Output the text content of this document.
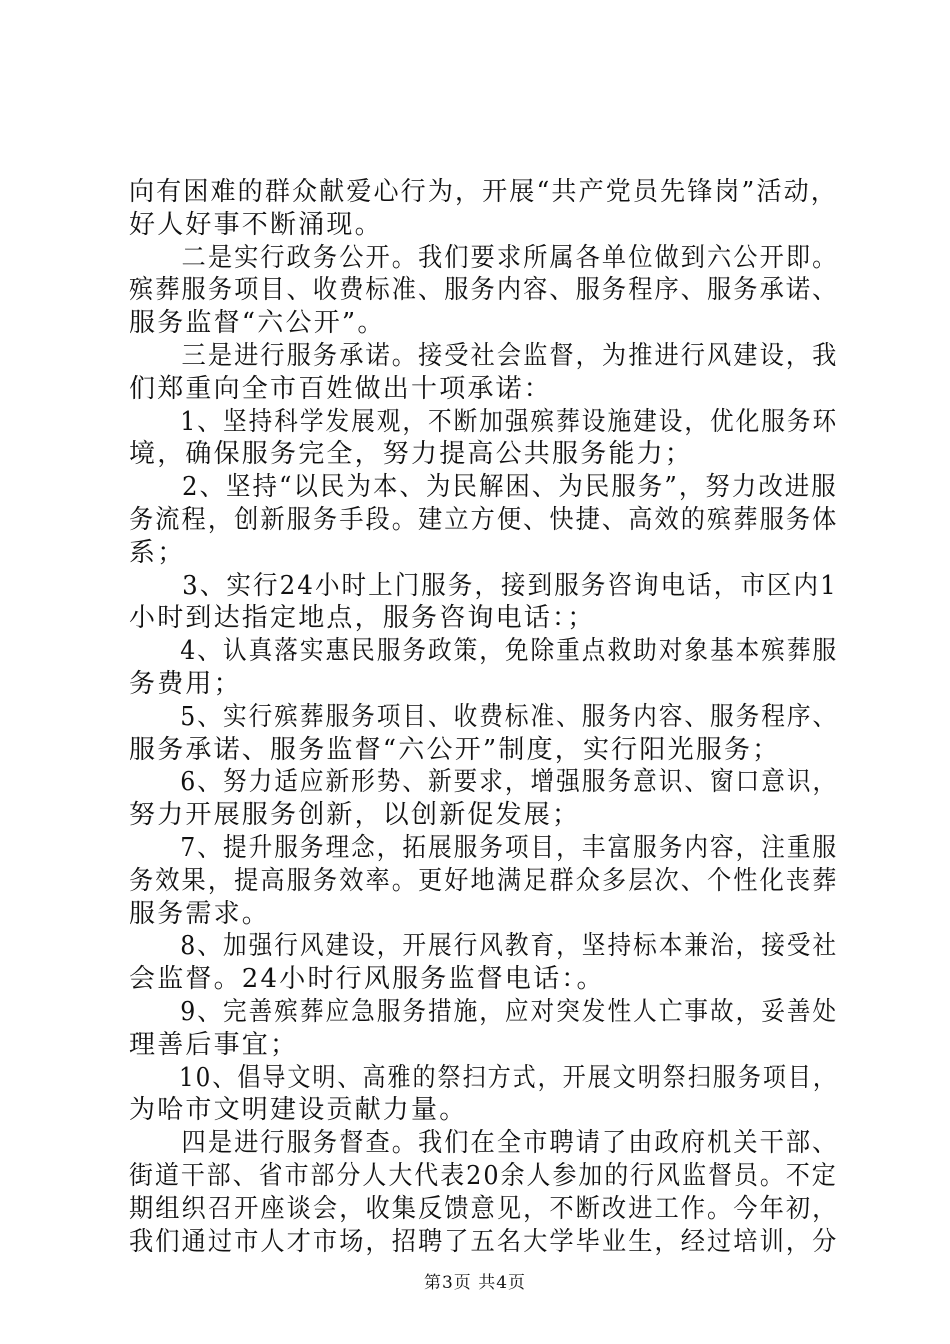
向有困难的群众献爱心行为，开展“共产党员先锋岗”活动，
好人好事不断涌现。
　　二是实行政务公开。我们要求所属各单位做到六公开即。
殡葬服务项目、收费标准、服务内容、服务程序、服务承诺、
服务监督“六公开”。
　　三是进行服务承诺。接受社会监督，为推进行风建设，我
们郑重向全市百姓做出十项承诺：
　　1、坚持科学发展观，不断加强殡葬设施建设，优化服务环
境，确保服务完全，努力提高公共服务能力；
　　2、坚持“以民为本、为民解困、为民服务”，努力改进服
务流程，创新服务手段。建立方便、快捷、高效的殡葬服务体
系；
　　3、实行24小时上门服务，接到服务咨询电话，市区内1
小时到达指定地点，服务咨询电话：；
　　4、认真落实惠民服务政策，免除重点救助对象基本殡葬服
务费用；
　　5、实行殡葬服务项目、收费标准、服务内容、服务程序、
服务承诺、服务监督“六公开”制度，实行阳光服务；
　　6、努力适应新形势、新要求，增强服务意识、窗口意识，
努力开展服务创新，以创新促发展；
　　7、提升服务理念，拓展服务项目，丰富服务内容，注重服
务效果，提高服务效率。更好地满足群众多层次、个性化丧葬
服务需求。
　　8、加强行风建设，开展行风教育，坚持标本兼治，接受社
会监督。24小时行风服务监督电话：。
　　9、完善殡葬应急服务措施，应对突发性人亡事故，妥善处
理善后事宜；
　　10、倡导文明、高雅的祭扫方式，开展文明祭扫服务项目，
为哈市文明建设贡献力量。
　　四是进行服务督查。我们在全市聘请了由政府机关干部、
街道干部、省市部分人大代表20余人参加的行风监督员。不定
期组织召开座谈会，收集反馈意见，不断改进工作。今年初，
我们通过市人才市场，招聘了五名大学毕业生，经过培训，分
第3页 共4页
